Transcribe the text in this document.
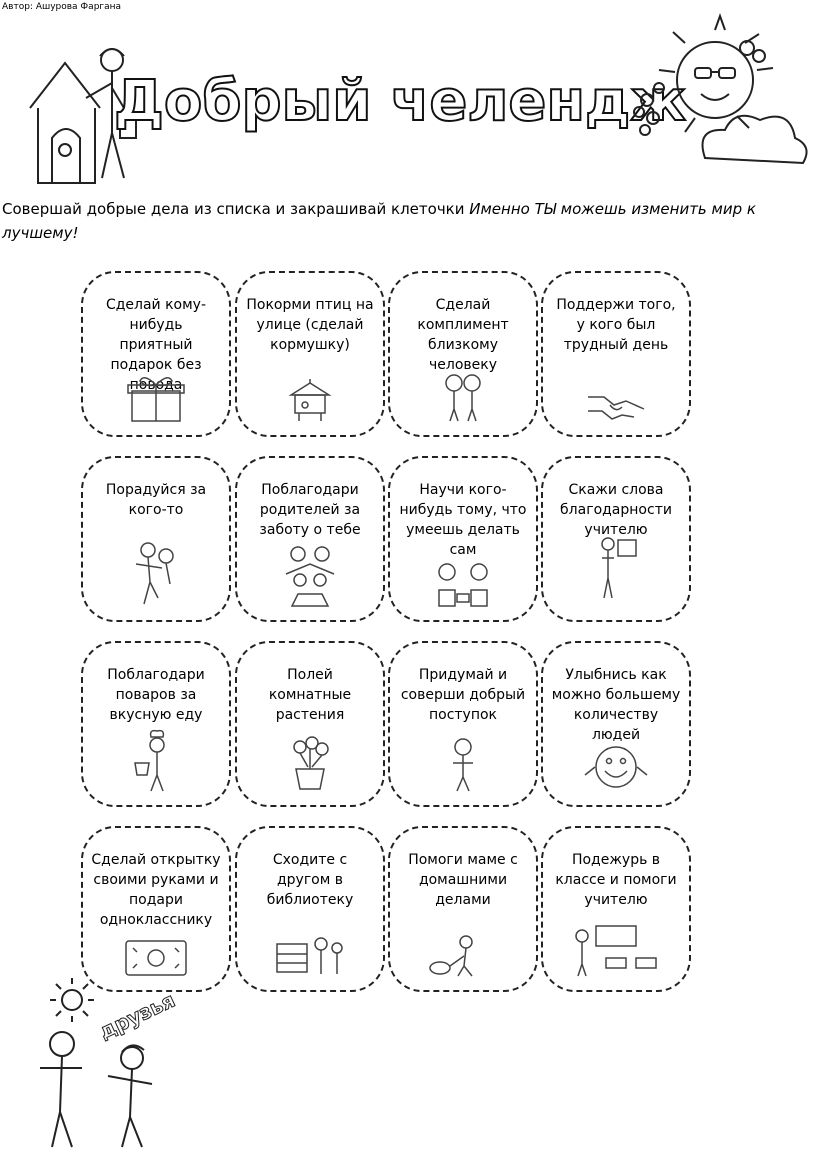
Автор: Ашурова Фаргана
Добрый челендж
Совершай добрые дела из списка и закрашивай клеточки Именно ТЫ можешь изменить мир к лучшему!
Сделай кому-нибудь приятный подарок без повода
Покорми птиц на улице (сделай кормушку)
Сделай комплимент близкому человеку
Поддержи того, у кого был трудный день
Порадуйся за кого-то
Поблагодари родителей за заботу о тебе
Научи кого-нибудь тому, что умеешь делать сам
Скажи слова благодарности учителю
Поблагодари поваров за вкусную еду
Полей комнатные растения
Придумай и соверши добрый поступок
Улыбнись как можно большему количеству людей
Сделай открытку своими руками и подари однокласснику
Сходите с другом в библиотеку
Помоги маме с домашними делами
Подежурь в классе и помоги учителю
друзья
